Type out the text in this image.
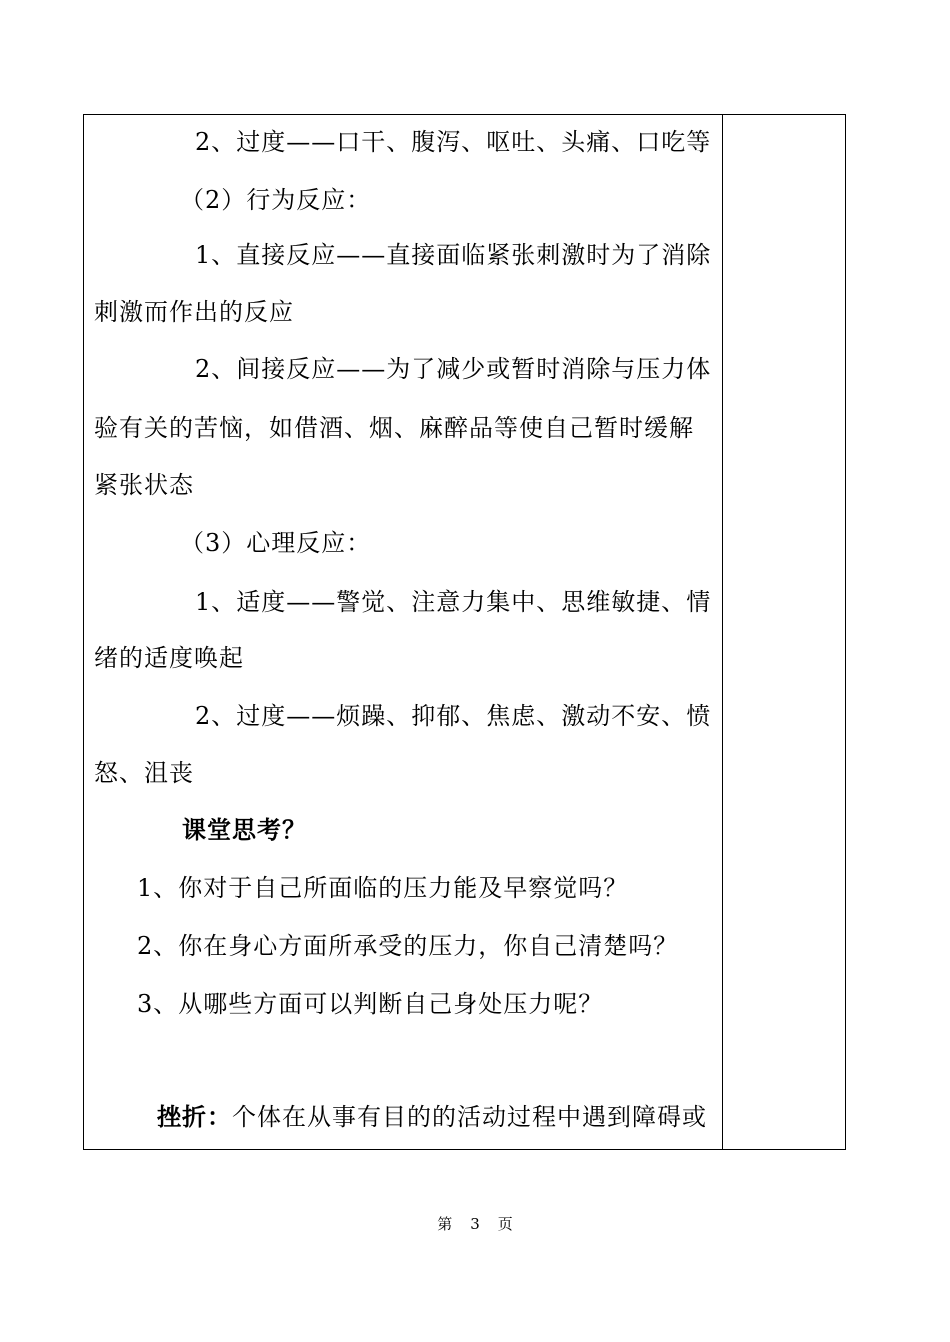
2、过度——口干、腹泻、呕吐、头痛、口吃等
（2）行为反应：
1、直接反应——直接面临紧张刺激时为了消除
刺激而作出的反应
2、间接反应——为了减少或暂时消除与压力体
验有关的苦恼，如借酒、烟、麻醉品等使自己暂时缓解
紧张状态
（3）心理反应：
1、适度——警觉、注意力集中、思维敏捷、情
绪的适度唤起
2、过度——烦躁、抑郁、焦虑、激动不安、愤
怒、沮丧
课堂思考？
1、你对于自己所面临的压力能及早察觉吗？
2、你在身心方面所承受的压力，你自己清楚吗？
3、从哪些方面可以判断自己身处压力呢？
挫折：个体在从事有目的的活动过程中遇到障碍或
第 3 页
